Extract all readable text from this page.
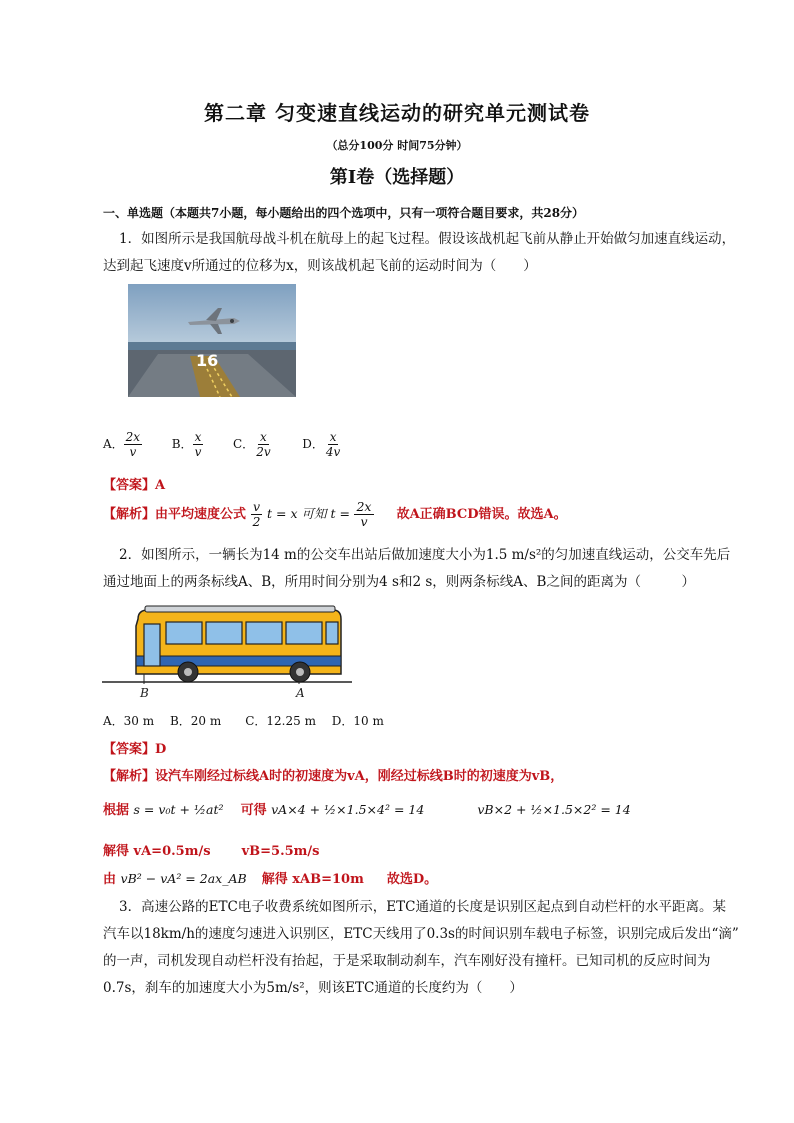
第二章 匀变速直线运动的研究单元测试卷
（总分100分 时间75分钟）
第Ⅰ卷（选择题）
一、单选题（本题共7小题，每小题给出的四个选项中，只有一项符合题目要求，共28分）
1．如图所示是我国航母战斗机在航母上的起飞过程。假设该战机起飞前从静止开始做匀加速直线运动，
达到起飞速度v所通过的位移为x，则该战机起飞前的运动时间为（　　）
16
A． $\frac{2x}{v}$ B． $\frac{x}{v}$ C． $\frac{x}{2v}$ D． $\frac{x}{4v}$
【答案】A
【解析】由平均速度公式 $\frac{v}{2}$ t = x 可知 $t = \frac{2x}{v}$ 故A正确BCD错误。故选A。
2．如图所示，一辆长为14 m的公交车出站后做加速度大小为1.5 m/s²的匀加速直线运动，公交车先后
通过地面上的两条标线A、B，所用时间分别为4 s和2 s，则两条标线A、B之间的距离为（　　　）
B	A
A．30 m　 B．20 m　　C．12.25 m　 D．10 m
【答案】D
【解析】设汽车刚经过标线A时的初速度为vA，刚经过标线B时的初速度为vB，
根据 s = v₀t + ½at² 可得 vA×4 + ½×1.5×4² = 14	vB×2 + ½×1.5×2² = 14
解得 vA=0.5m/s vB=5.5m/s
由 vB² − vA² = 2ax_AB 解得 xAB=10m 故选D。
3．高速公路的ETC电子收费系统如图所示，ETC通道的长度是识别区起点到自动栏杆的水平距离。某
汽车以18km/h的速度匀速进入识别区，ETC天线用了0.3s的时间识别车载电子标签，识别完成后发出“滴”
的一声，司机发现自动栏杆没有抬起，于是采取制动刹车，汽车刚好没有撞杆。已知司机的反应时间为
0.7s，刹车的加速度大小为5m/s²，则该ETC通道的长度约为（　　）
